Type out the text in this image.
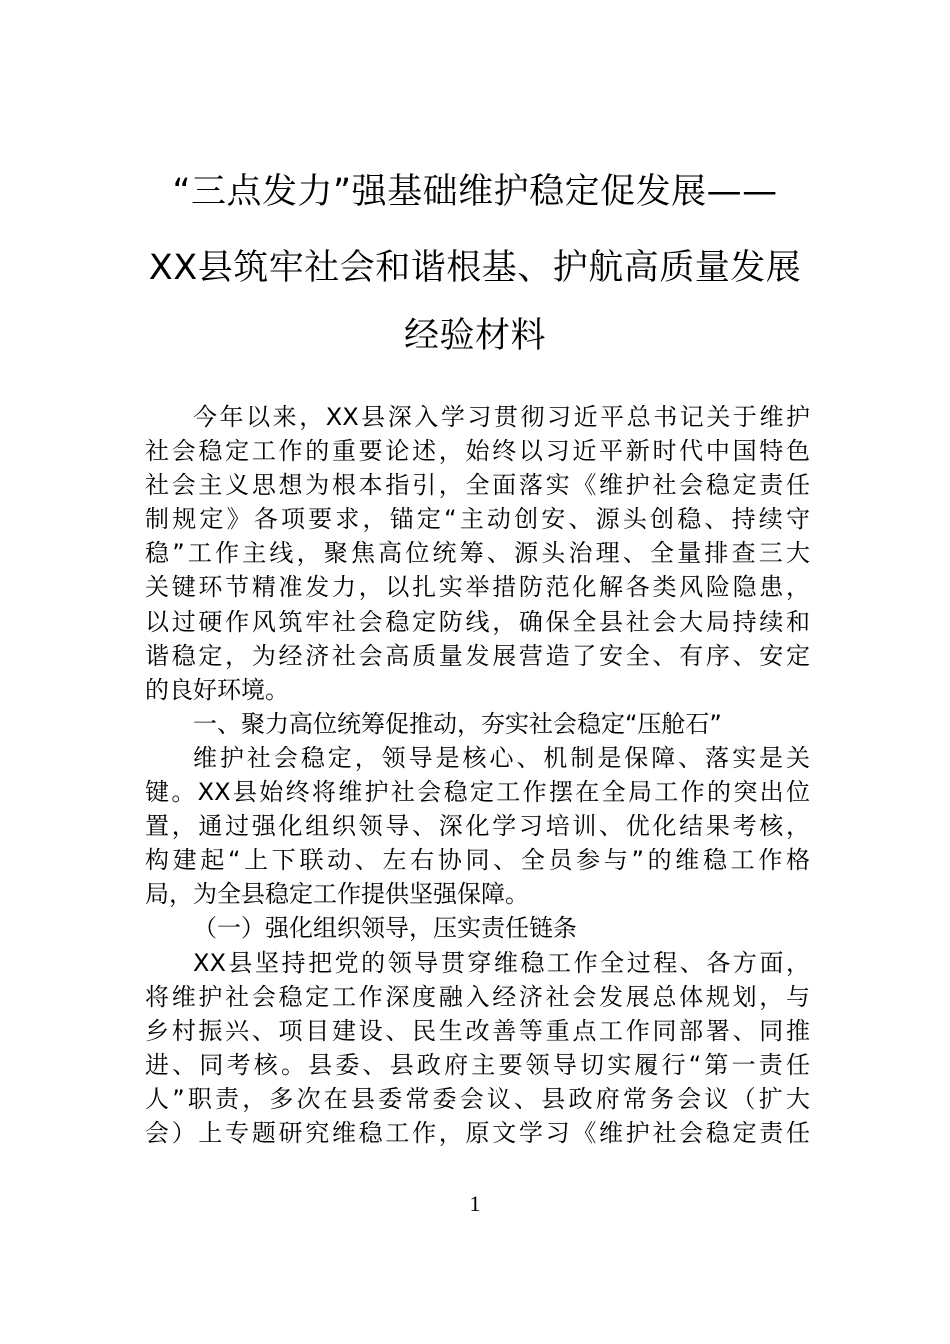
“三点发力”强基础维护稳定促发展——
XX县筑牢社会和谐根基、护航高质量发展
经验材料
今年以来，XX县深入学习贯彻习近平总书记关于维护
社会稳定工作的重要论述，始终以习近平新时代中国特色
社会主义思想为根本指引，全面落实《维护社会稳定责任
制规定》各项要求，锚定“主动创安、源头创稳、持续守
稳”工作主线，聚焦高位统筹、源头治理、全量排查三大
关键环节精准发力，以扎实举措防范化解各类风险隐患，
以过硬作风筑牢社会稳定防线，确保全县社会大局持续和
谐稳定，为经济社会高质量发展营造了安全、有序、安定
的良好环境。
一、聚力高位统筹促推动，夯实社会稳定“压舱石”
维护社会稳定，领导是核心、机制是保障、落实是关
键。XX县始终将维护社会稳定工作摆在全局工作的突出位
置，通过强化组织领导、深化学习培训、优化结果考核，
构建起“上下联动、左右协同、全员参与”的维稳工作格
局，为全县稳定工作提供坚强保障。
（一）强化组织领导，压实责任链条
XX县坚持把党的领导贯穿维稳工作全过程、各方面，
将维护社会稳定工作深度融入经济社会发展总体规划，与
乡村振兴、项目建设、民生改善等重点工作同部署、同推
进、同考核。县委、县政府主要领导切实履行“第一责任
人”职责，多次在县委常委会议、县政府常务会议（扩大
会）上专题研究维稳工作，原文学习《维护社会稳定责任
1
